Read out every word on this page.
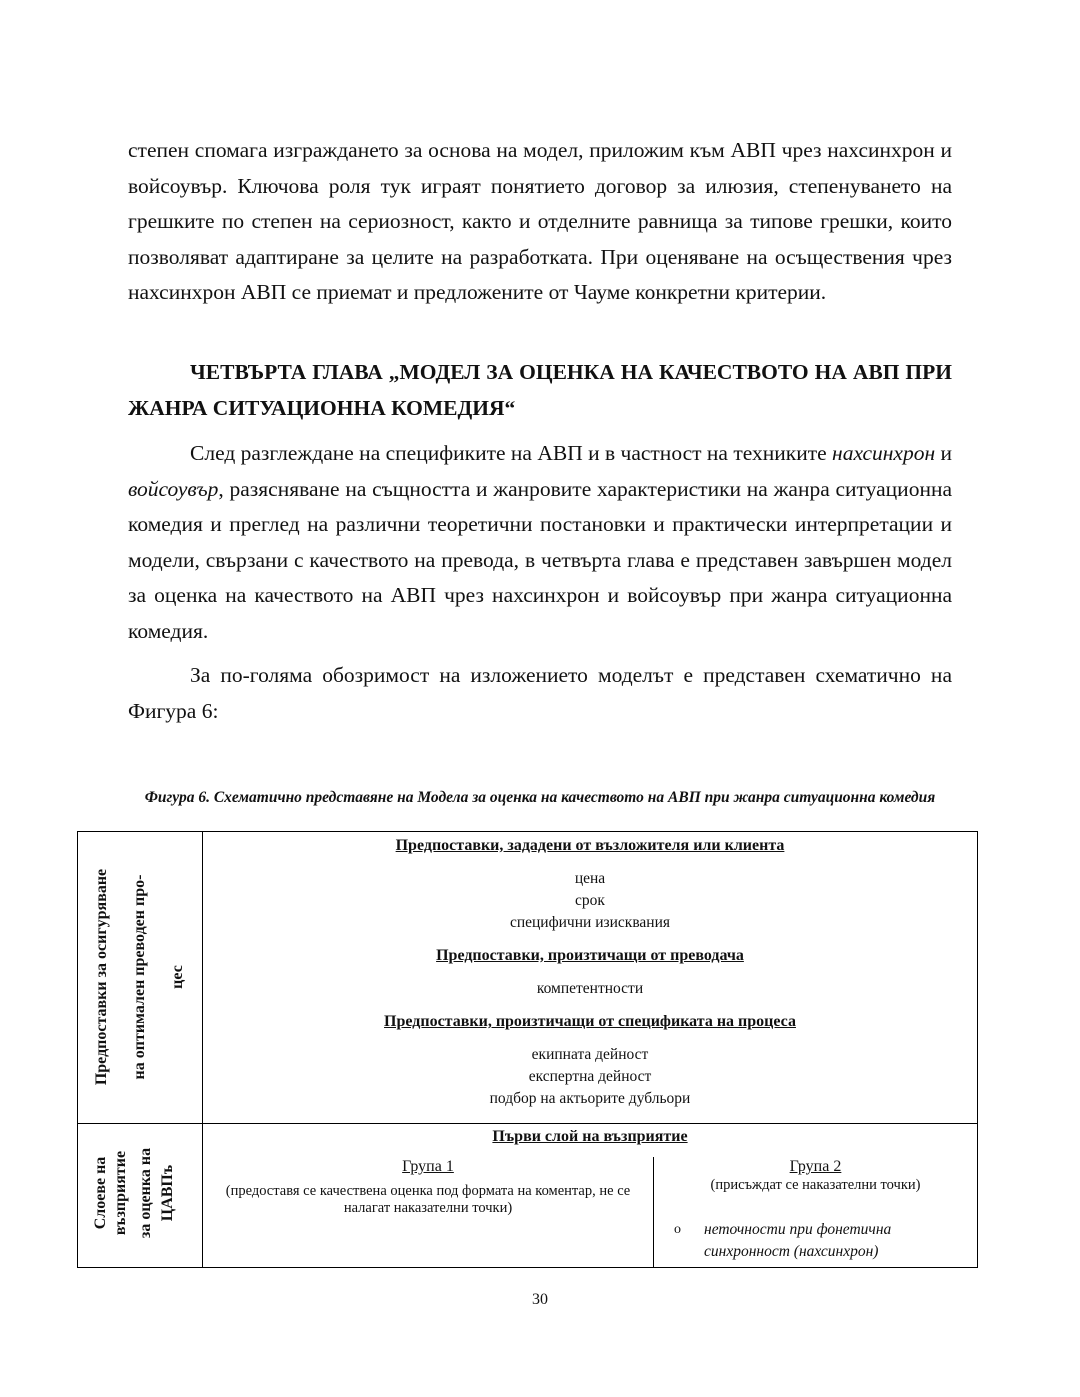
степен спомага изграждането за основа на модел, приложим към АВП чрез нахсинхрон и войсоувър. Ключова роля тук играят понятието договор за илюзия, степенуването на грешките по степен на сериозност, както и отделните равнища за типове грешки, които позволяват адаптиране за целите на разработката. При оценяване на осъществения чрез нахсинхрон АВП се приемат и предложените от Чауме конкретни критерии.

ЧЕТВЪРТА ГЛАВА „МОДЕЛ ЗА ОЦЕНКА НА КАЧЕСТВОТО НА АВП ПРИ ЖАНРА СИТУАЦИОННА КОМЕДИЯ“

След разглеждане на спецификите на АВП и в частност на техниките нахсинхрон и войсоувър, разясняване на същността и жанровите характеристики на жанра ситуационна комедия и преглед на различни теоретични постановки и практически интерпретации и модели, свързани с качеството на превода, в четвърта глава е представен завършен модел за оценка на качеството на АВП чрез нахсинхрон и войсоувър при жанра ситуационна комедия.

За по-голяма обозримост на изложението моделът е представен схематично на Фигура 6:

Фигура 6. Схематично представяне на Модела за оценка на качеството на АВП при жанра ситуационна комедия

Предпоставки за осигуряване на оптимален преводен про- цес

Предпоставки, зададени от възложителя или клиента

цена

срок

специфични изисквания

Предпоставки, произтичащи от преводача

компетентности

Предпоставки, произтичащи от спецификата на процеса

екипната дейност

експертна дейност

подбор на актьорите дубльори

Слоеве на възприятие за оценка на ЦАВПъ

Първи слой на възприятие

Група 1

(предоставя се качествена оценка под формата на коментар, не се налагат наказателни точки)

Група 2

(присъждат се наказателни точки)

o	неточности при фонетична синхронност (нахсинхрон)
30
